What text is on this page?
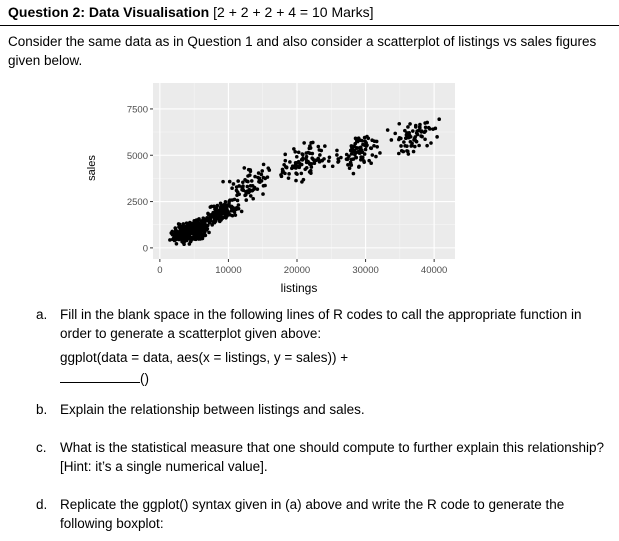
Question 2: Data Visualisation [2 + 2 + 2 + 4 = 10 Marks]
Consider the same data as in Question 1 and also consider a scatterplot of listings vs sales figures given below.
0	10000	20000	30000	40000
0
2500
5000
7500
sales
listings
a. Fill in the blank space in the following lines of R codes to call the appropriate function in order to generate a scatterplot given above:
ggplot(data = data, aes(x = listings, y = sales)) +
()
b. Explain the relationship between listings and sales.
c. What is the statistical measure that one should compute to further explain this relationship? [Hint: it’s a single numerical value].
d. Replicate the ggplot() syntax given in (a) above and write the R code to generate the following boxplot:
